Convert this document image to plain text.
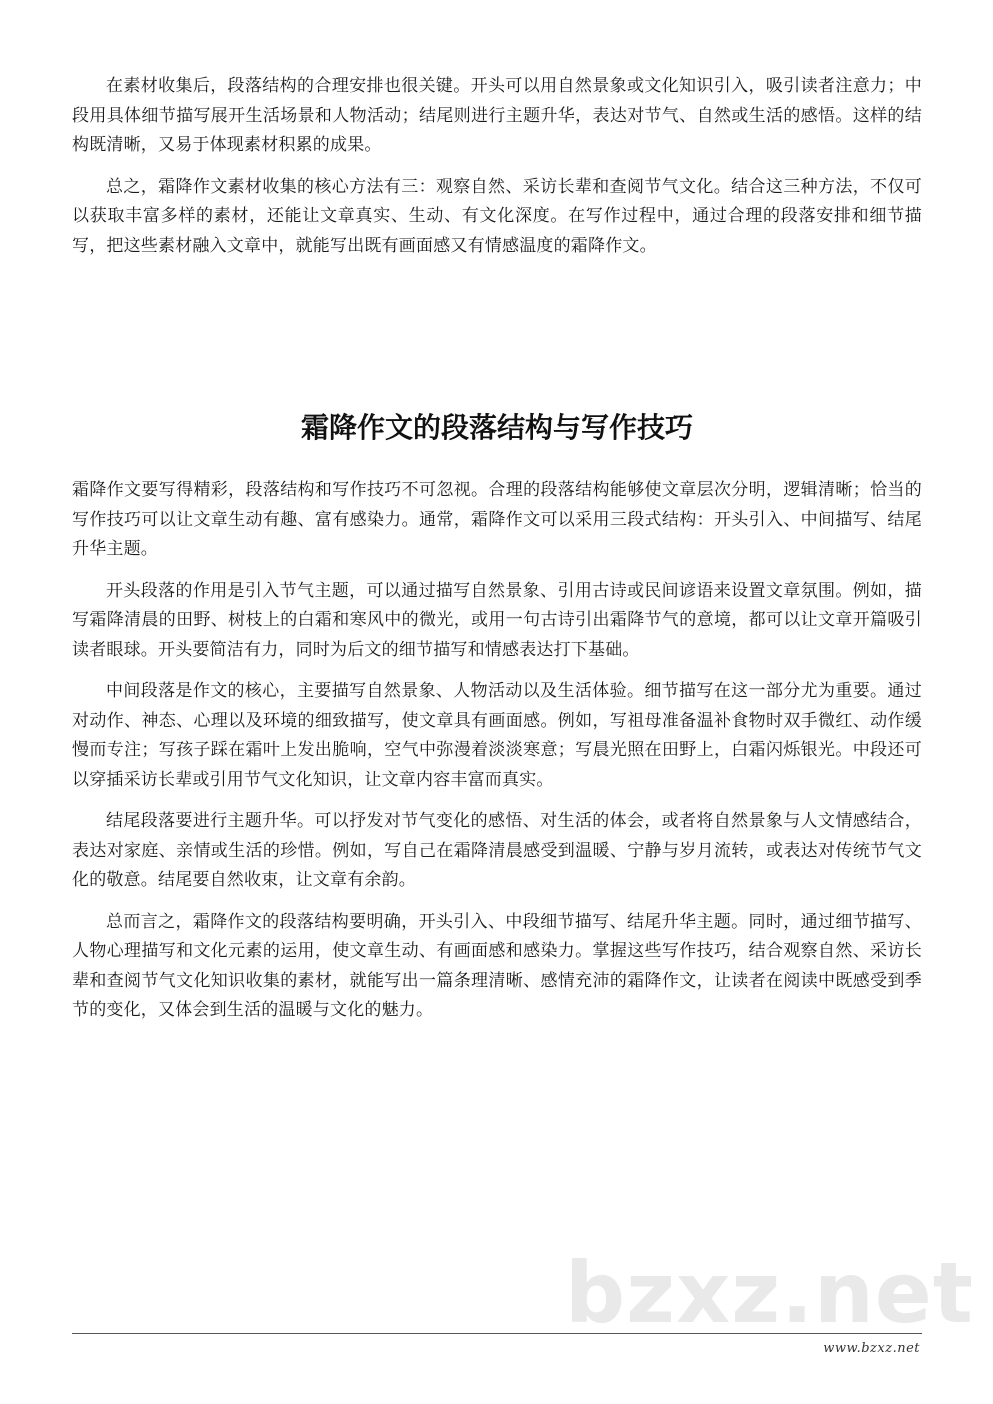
在素材收集后，段落结构的合理安排也很关键。开头可以用自然景象或文化知识引入，吸引读者注意力；中段用具体细节描写展开生活场景和人物活动；结尾则进行主题升华，表达对节气、自然或生活的感悟。这样的结构既清晰，又易于体现素材积累的成果。

总之，霜降作文素材收集的核心方法有三：观察自然、采访长辈和查阅节气文化。结合这三种方法，不仅可以获取丰富多样的素材，还能让文章真实、生动、有文化深度。在写作过程中，通过合理的段落安排和细节描写，把这些素材融入文章中，就能写出既有画面感又有情感温度的霜降作文。

霜降作文的段落结构与写作技巧

霜降作文要写得精彩，段落结构和写作技巧不可忽视。合理的段落结构能够使文章层次分明，逻辑清晰；恰当的写作技巧可以让文章生动有趣、富有感染力。通常，霜降作文可以采用三段式结构：开头引入、中间描写、结尾升华主题。

开头段落的作用是引入节气主题，可以通过描写自然景象、引用古诗或民间谚语来设置文章氛围。例如，描写霜降清晨的田野、树枝上的白霜和寒风中的微光，或用一句古诗引出霜降节气的意境，都可以让文章开篇吸引读者眼球。开头要简洁有力，同时为后文的细节描写和情感表达打下基础。

中间段落是作文的核心，主要描写自然景象、人物活动以及生活体验。细节描写在这一部分尤为重要。通过对动作、神态、心理以及环境的细致描写，使文章具有画面感。例如，写祖母准备温补食物时双手微红、动作缓慢而专注；写孩子踩在霜叶上发出脆响，空气中弥漫着淡淡寒意；写晨光照在田野上，白霜闪烁银光。中段还可以穿插采访长辈或引用节气文化知识，让文章内容丰富而真实。

结尾段落要进行主题升华。可以抒发对节气变化的感悟、对生活的体会，或者将自然景象与人文情感结合，表达对家庭、亲情或生活的珍惜。例如，写自己在霜降清晨感受到温暖、宁静与岁月流转，或表达对传统节气文化的敬意。结尾要自然收束，让文章有余韵。

总而言之，霜降作文的段落结构要明确，开头引入、中段细节描写、结尾升华主题。同时，通过细节描写、人物心理描写和文化元素的运用，使文章生动、有画面感和感染力。掌握这些写作技巧，结合观察自然、采访长辈和查阅节气文化知识收集的素材，就能写出一篇条理清晰、感情充沛的霜降作文，让读者在阅读中既感受到季节的变化，又体会到生活的温暖与文化的魅力。

bzxz.net
www.bzxz.net
